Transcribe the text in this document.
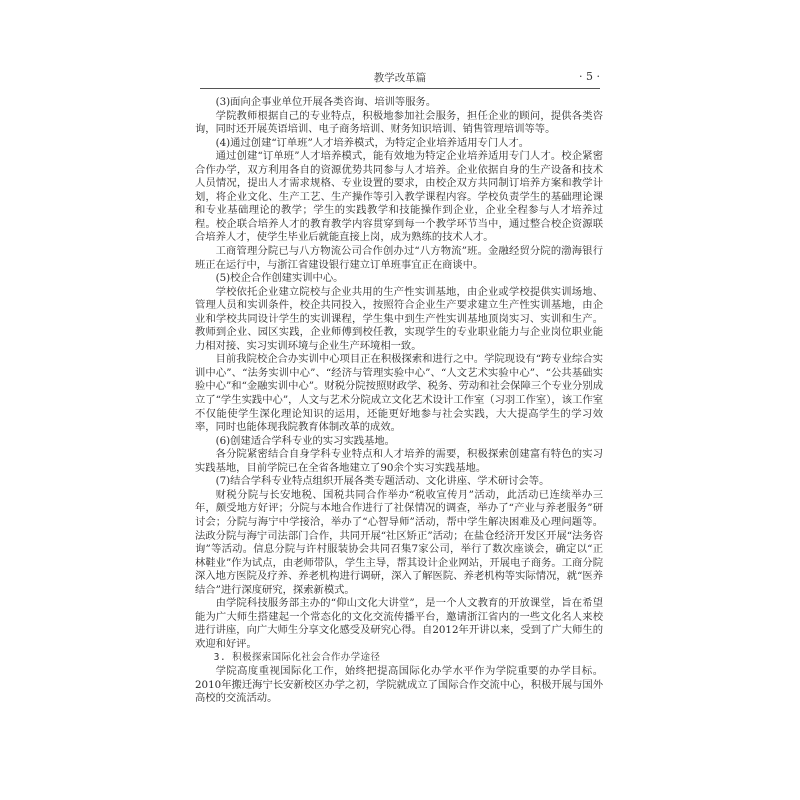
教学改革篇	· 5 ·

(3)面向企事业单位开展各类咨询、培训等服务。

学院教师根据自己的专业特点，积极地参加社会服务，担任企业的顾问，提供各类咨询，同时还开展英语培训、电子商务培训、财务知识培训、销售管理培训等等。

(4)通过创建“订单班”人才培养模式，为特定企业培养适用专门人才。

通过创建“订单班”人才培养模式，能有效地为特定企业培养适用专门人才。校企紧密合作办学，双方利用各自的资源优势共同参与人才培养。企业依据自身的生产设备和技术人员情况，提出人才需求规格、专业设置的要求，由校企双方共同制订培养方案和教学计划，将企业文化、生产工艺、生产操作等引入教学课程内容。学校负责学生的基础理论课和专业基础理论的教学；学生的实践教学和技能操作到企业，企业全程参与人才培养过程。校企联合培养人才的教育教学内容贯穿到每一个教学环节当中，通过整合校企资源联合培养人才，使学生毕业后就能直接上岗，成为熟练的技术人才。

工商管理分院已与八方物流公司合作创办过“八方物流”班。金融经贸分院的渤海银行班正在运行中，与浙江省建设银行建立订单班事宜正在商谈中。

(5)校企合作创建实训中心。

学校依托企业建立院校与企业共用的生产性实训基地，由企业或学校提供实训场地、管理人员和实训条件，校企共同投入，按照符合企业生产要求建立生产性实训基地，由企业和学校共同设计学生的实训课程，学生集中到生产性实训基地顶岗实习、实训和生产。教师到企业、园区实践，企业师傅到校任教，实现学生的专业职业能力与企业岗位职业能力相对接、实习实训环境与企业生产环境相一致。

目前我院校企合办实训中心项目正在积极探索和进行之中。学院现设有“跨专业综合实训中心”、“法务实训中心”、“经济与管理实验中心”、“人文艺术实验中心”、“公共基础实验中心”和“金融实训中心”。财税分院按照财政学、税务、劳动和社会保障三个专业分别成立了“学生实践中心”，人文与艺术分院成立文化艺术设计工作室（习羽工作室），该工作室不仅能使学生深化理论知识的运用，还能更好地参与社会实践，大大提高学生的学习效率，同时也能体现我院教育体制改革的成效。

(6)创建适合学科专业的实习实践基地。

各分院紧密结合自身学科专业特点和人才培养的需要，积极探索创建富有特色的实习实践基地，目前学院已在全省各地建立了90余个实习实践基地。

(7)结合学科专业特点组织开展各类专题活动、文化讲座、学术研讨会等。

财税分院与长安地税、国税共同合作举办“税收宣传月”活动，此活动已连续举办三年，颇受地方好评；分院与本地合作进行了社保情况的调查，举办了“产业与养老服务”研讨会；分院与海宁中学接洽，举办了“心智导师”活动，帮中学生解决困难及心理问题等。法政分院与海宁司法部门合作，共同开展“社区矫正”活动；在盐仓经济开发区开展“法务咨询”等活动。信息分院与许村服装协会共同召集7家公司，举行了数次座谈会，确定以“正林鞋业”作为试点，由老师带队，学生主导，帮其设计企业网站，开展电子商务。工商分院深入地方医院及疗养、养老机构进行调研，深入了解医院、养老机构等实际情况，就“医养结合”进行深度研究，探索新模式。

由学院科技服务部主办的“仰山文化大讲堂”，是一个人文教育的开放课堂，旨在希望能为广大师生搭建起一个常态化的文化交流传播平台，邀请浙江省内的一些文化名人来校进行讲座，向广大师生分享文化感受及研究心得。自2012年开讲以来，受到了广大师生的欢迎和好评。

3. 积极探索国际化社会合作办学途径

学院高度重视国际化工作，始终把提高国际化办学水平作为学院重要的办学目标。2010年搬迁海宁长安新校区办学之初，学院就成立了国际合作交流中心，积极开展与国外高校的交流活动。
